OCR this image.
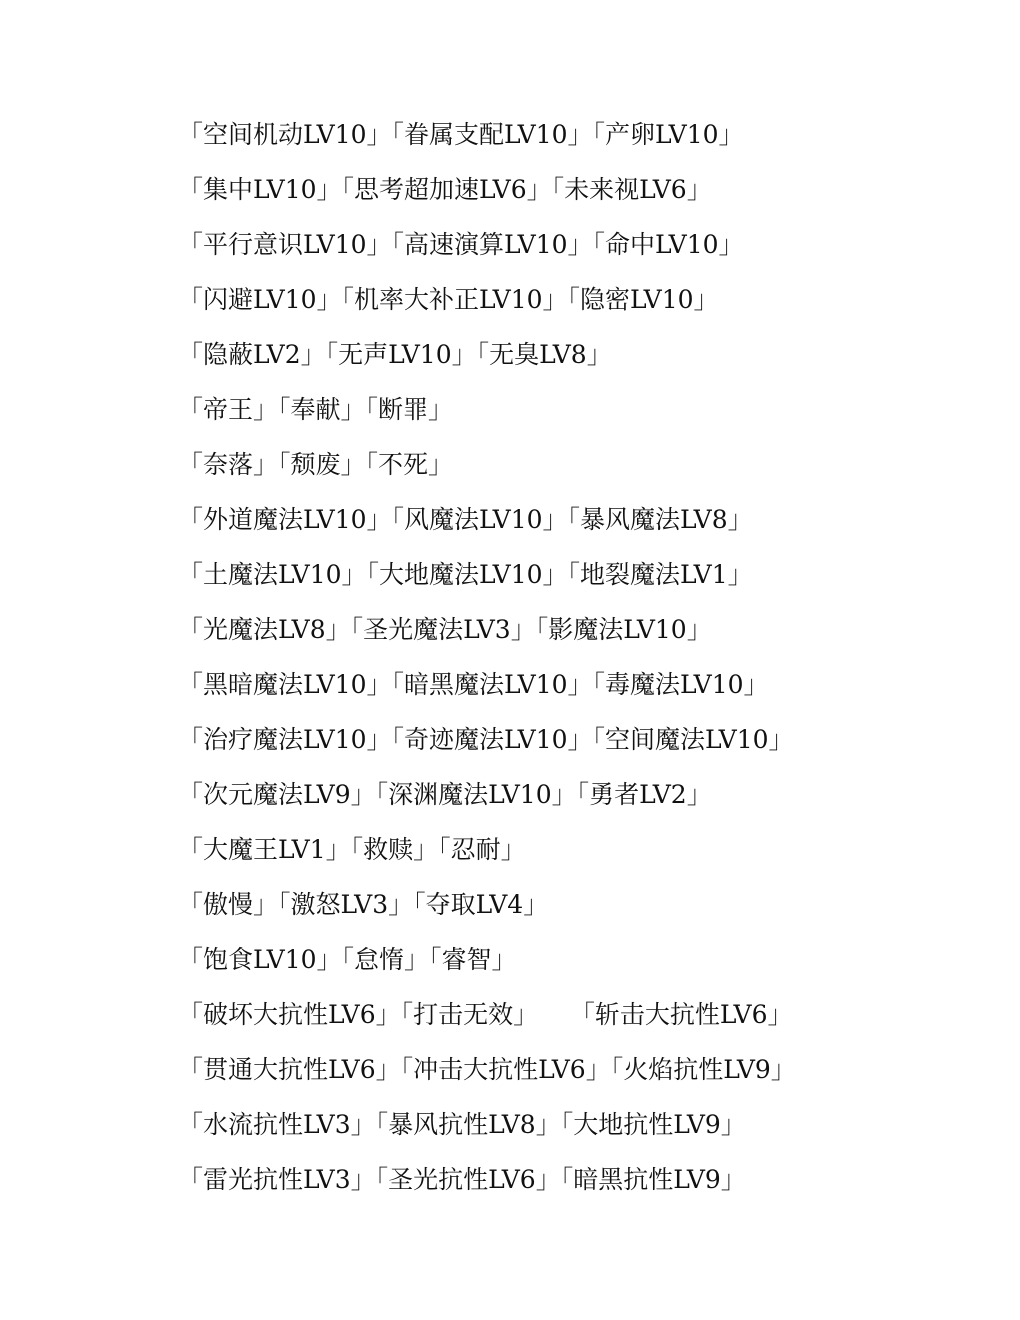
「空间机动LV10」「眷属支配LV10」「产卵LV10」

「集中LV10」「思考超加速LV6」「未来视LV6」

「平行意识LV10」「高速演算LV10」「命中LV10」

「闪避LV10」「机率大补正LV10」「隐密LV10」

「隐蔽LV2」「无声LV10」「无臭LV8」

「帝王」「奉献」「断罪」

「奈落」「颓废」「不死」

「外道魔法LV10」「风魔法LV10」「暴风魔法LV8」

「土魔法LV10」「大地魔法LV10」「地裂魔法LV1」

「光魔法LV8」「圣光魔法LV3」「影魔法LV10」

「黑暗魔法LV10」「暗黑魔法LV10」「毒魔法LV10」

「治疗魔法LV10」「奇迹魔法LV10」「空间魔法LV10」

「次元魔法LV9」「深渊魔法LV10」「勇者LV2」

「大魔王LV1」「救赎」「忍耐」

「傲慢」「激怒LV3」「夺取LV4」

「饱食LV10」「怠惰」「睿智」

「破坏大抗性LV6」「打击无效」    「斩击大抗性LV6」

「贯通大抗性LV6」「冲击大抗性LV6」「火焰抗性LV9」

「水流抗性LV3」「暴风抗性LV8」「大地抗性LV9」

「雷光抗性LV3」「圣光抗性LV6」「暗黑抗性LV9」
